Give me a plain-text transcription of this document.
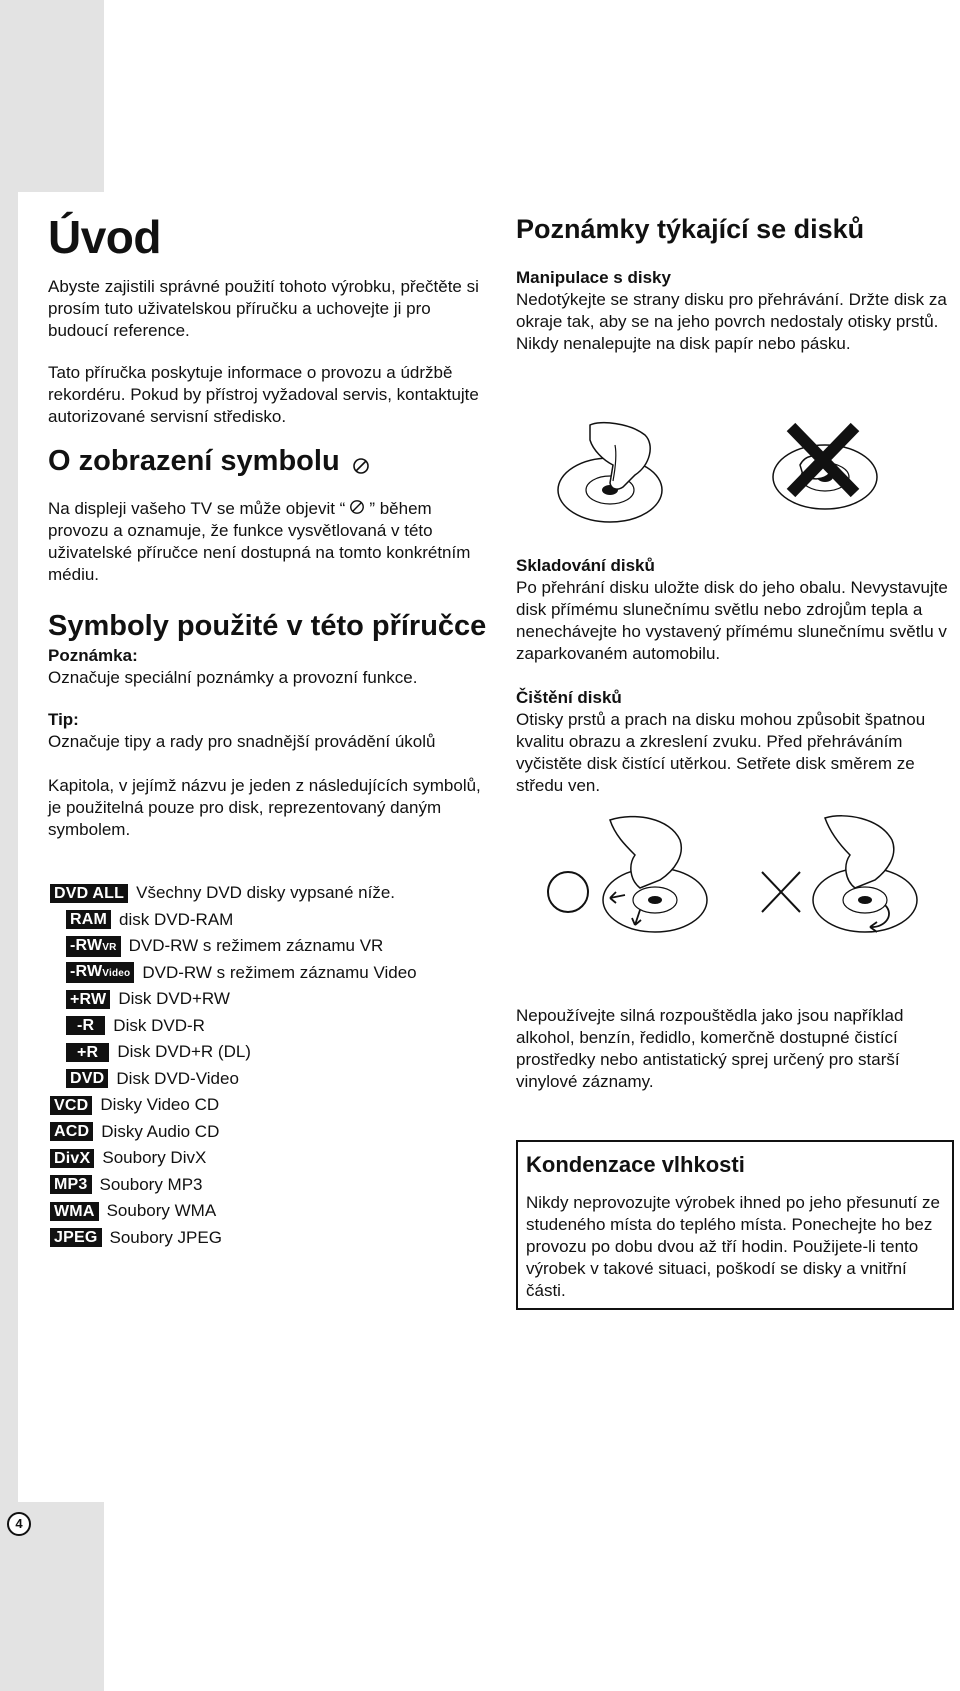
4
Úvod

Abyste zajistili správné použití tohoto výrobku, přečtěte si prosím tuto uživatelskou příručku a uchovejte ji pro budoucí reference.

Tato příručka poskytuje informace o provozu a údržbě rekordéru. Pokud by přístroj vyžadoval servis, kontaktujte autorizované servisní středisko.

O zobrazení symbolu

Na displeji vašeho TV se může objevit “ ” během provozu a oznamuje, že funkce vysvětlovaná v této uživatelské příručce není dostupná na tomto konkrétním médiu.

Symboly použité v této příručce

Poznámka:

Označuje speciální poznámky a provozní funkce.

Tip:

Označuje tipy a rady pro snadnější provádění úkolů

Kapitola, v jejímž názvu je jeden z následujících symbolů, je použitelná pouze pro disk, reprezentovaný daným symbolem.

DVD ALL Všechny DVD disky vypsané níže.
RAM disk DVD-RAM
-RWVR DVD-RW s režimem záznamu VR
-RWVideo DVD-RW s režimem záznamu Video
+RW Disk DVD+RW
-R	Disk DVD-R
+R	Disk DVD+R (DL)
DVD Disk DVD-Video
VCD Disky Video CD
ACD Disky Audio CD
DivX Soubory DivX
MP3 Soubory MP3
WMA Soubory WMA
JPEG Soubory JPEG
Poznámky týkající se disků

Manipulace s disky

Nedotýkejte se strany disku pro přehrávání. Držte disk za okraje tak, aby se na jeho povrch nedostaly otisky prstů. Nikdy nenalepujte na disk papír nebo pásku.

Skladování disků

Po přehrání disku uložte disk do jeho obalu. Nevystavujte disk přímému slunečnímu světlu nebo zdrojům tepla a nenechávejte ho vystavený přímému slunečnímu světlu v zaparkovaném automobilu.

Čištění disků

Otisky prstů a prach na disku mohou způsobit špatnou kvalitu obrazu a zkreslení zvuku. Před přehráváním vyčistěte disk čistící utěrkou. Setřete disk směrem ze středu ven.

Nepoužívejte silná rozpouštědla jako jsou například alkohol, benzín, ředidlo, komerčně dostupné čistící prostředky nebo antistatický sprej určený pro starší vinylové záznamy.

Kondenzace vlhkosti

Nikdy neprovozujte výrobek ihned po jeho přesunutí ze studeného místa do teplého místa. Ponechejte ho bez provozu po dobu dvou až tří hodin. Použijete-li tento výrobek v takové situaci, poškodí se disky a vnitřní části.
